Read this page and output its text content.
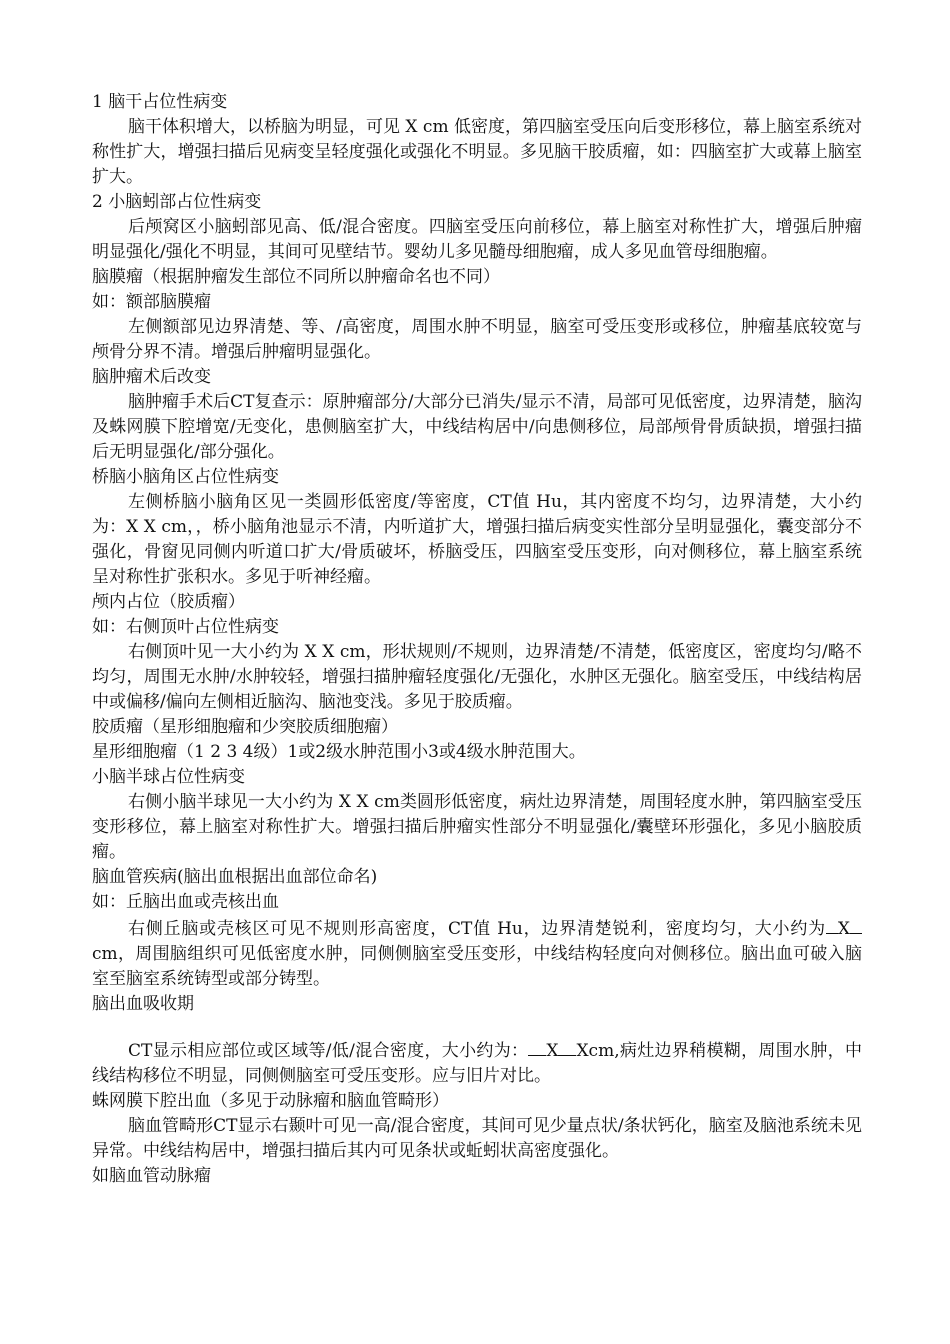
1 脑干占位性病变

脑干体积增大，以桥脑为明显，可见 X cm 低密度，第四脑室受压向后变形移位，幕上脑室系统对称性扩大，增强扫描后见病变呈轻度强化或强化不明显。多见脑干胶质瘤，如：四脑室扩大或幕上脑室扩大。

2 小脑蚓部占位性病变

后颅窝区小脑蚓部见高、低/混合密度。四脑室受压向前移位，幕上脑室对称性扩大，增强后肿瘤明显强化/强化不明显，其间可见壁结节。婴幼儿多见髓母细胞瘤，成人多见血管母细胞瘤。

脑膜瘤（根据肿瘤发生部位不同所以肿瘤命名也不同）

如：额部脑膜瘤

左侧额部见边界清楚、等、/高密度，周围水肿不明显，脑室可受压变形或移位，肿瘤基底较宽与颅骨分界不清。增强后肿瘤明显强化。

脑肿瘤术后改变

脑肿瘤手术后CT复查示：原肿瘤部分/大部分已消失/显示不清，局部可见低密度，边界清楚，脑沟及蛛网膜下腔增宽/无变化，患侧脑室扩大，中线结构居中/向患侧移位，局部颅骨骨质缺损，增强扫描后无明显强化/部分强化。

桥脑小脑角区占位性病变

左侧桥脑小脑角区见一类圆形低密度/等密度，CT值 Hu，其内密度不均匀，边界清楚，大小约为：X X cm，，桥小脑角池显示不清，内听道扩大，增强扫描后病变实性部分呈明显强化，囊变部分不强化，骨窗见同侧内听道口扩大/骨质破坏，桥脑受压，四脑室受压变形，向对侧移位，幕上脑室系统呈对称性扩张积水。多见于听神经瘤。

颅内占位（胶质瘤）

如：右侧顶叶占位性病变

右侧顶叶见一大小约为 X X cm，形状规则/不规则，边界清楚/不清楚，低密度区，密度均匀/略不均匀，周围无水肿/水肿较轻，增强扫描肿瘤轻度强化/无强化，水肿区无强化。脑室受压，中线结构居中或偏移/偏向左侧相近脑沟、脑池变浅。多见于胶质瘤。

胶质瘤（星形细胞瘤和少突胶质细胞瘤）

星形细胞瘤（1 2 3 4级）1或2级水肿范围小3或4级水肿范围大。

小脑半球占位性病变

右侧小脑半球见一大小约为 X X cm类圆形低密度，病灶边界清楚，周围轻度水肿，第四脑室受压变形移位，幕上脑室对称性扩大。增强扫描后肿瘤实性部分不明显强化/囊壁环形强化，多见小脑胶质瘤。

脑血管疾病(脑出血根据出血部位命名)

如：丘脑出血或壳核出血

右侧丘脑或壳核区可见不规则形高密度，CT值 Hu，边界清楚锐利，密度均匀，大小约为 Xcm，周围脑组织可见低密度水肿，同侧侧脑室受压变形，中线结构轻度向对侧移位。脑出血可破入脑室至脑室系统铸型或部分铸型。

脑出血吸收期

CT显示相应部位或区域等/低/混合密度，大小约为： X Xcm,病灶边界稍模糊，周围水肿，中线结构移位不明显，同侧侧脑室可受压变形。应与旧片对比。

蛛网膜下腔出血（多见于动脉瘤和脑血管畸形）

脑血管畸形CT显示右颞叶可见一高/混合密度，其间可见少量点状/条状钙化，脑室及脑池系统未见异常。中线结构居中，增强扫描后其内可见条状或蚯蚓状高密度强化。

如脑血管动脉瘤
